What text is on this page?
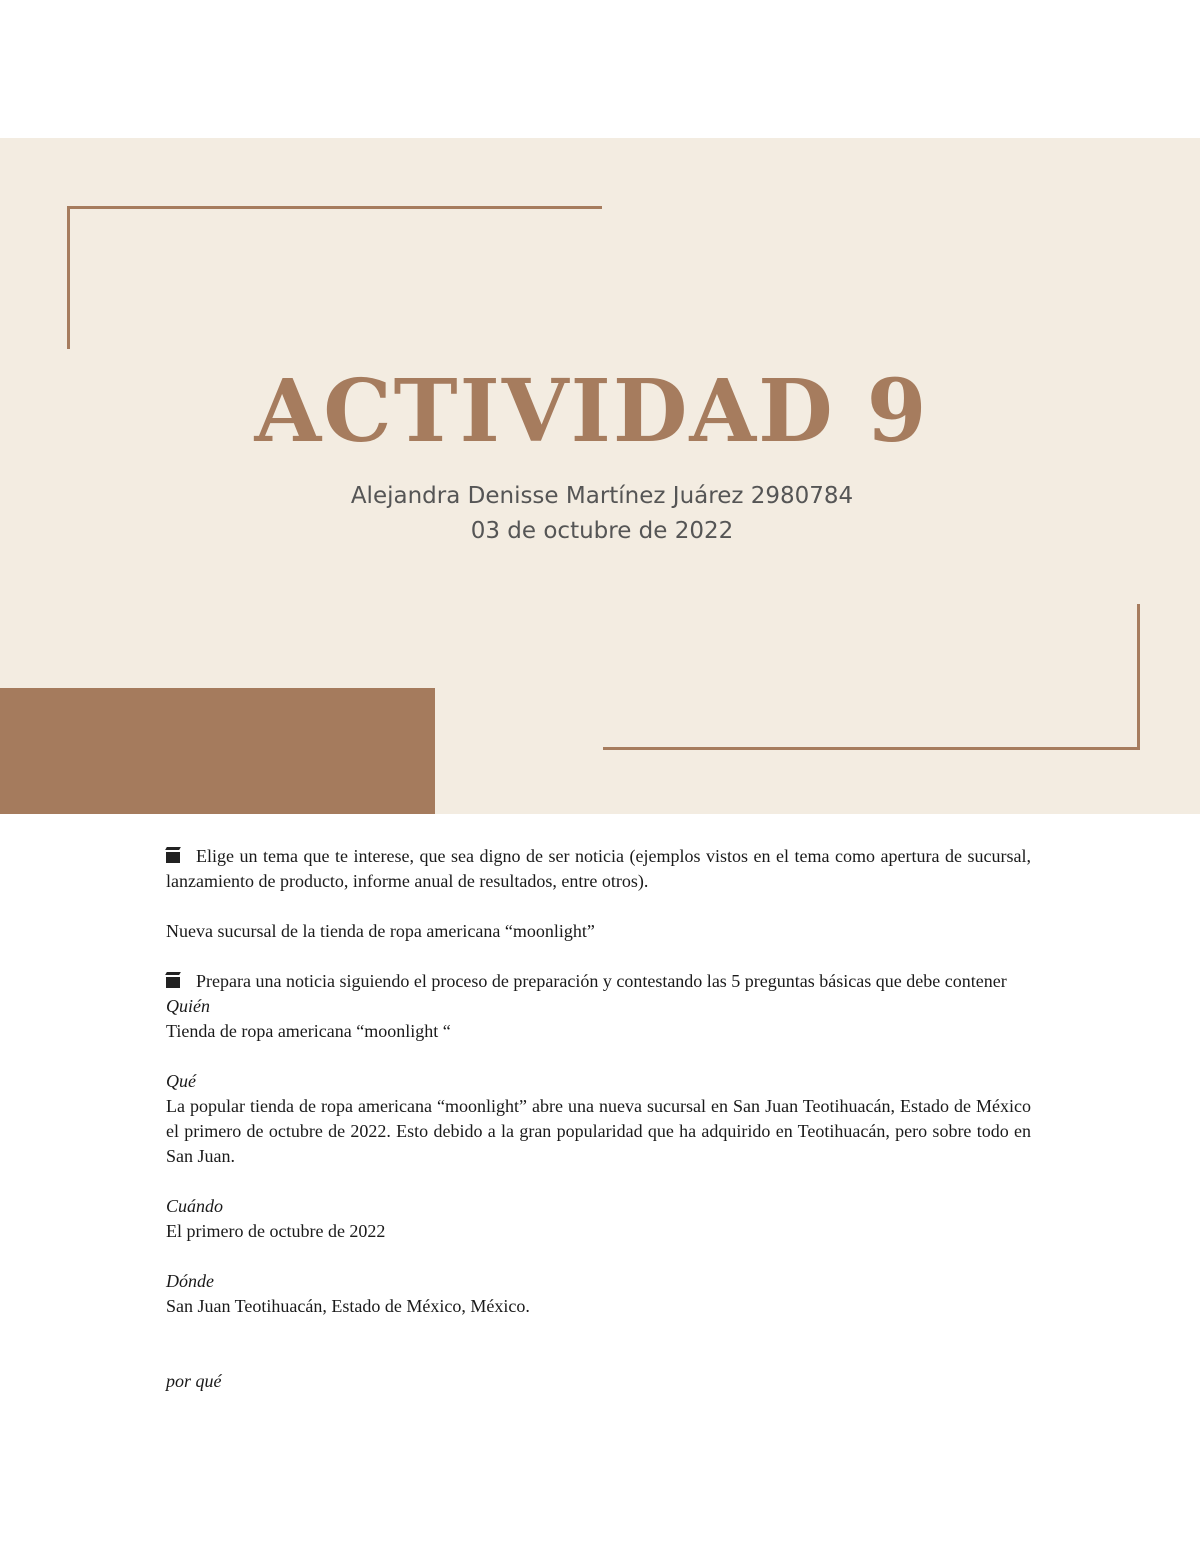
ACTIVIDAD 9
Alejandra Denisse Martínez Juárez 2980784
03 de octubre de 2022

Elige un tema que te interese, que sea digno de ser noticia (ejemplos vistos en el tema como apertura de sucursal, lanzamiento de producto, informe anual de resultados, entre otros).

Nueva sucursal de la tienda de ropa americana “moonlight”

Prepara una noticia siguiendo el proceso de preparación y contestando las 5 preguntas básicas que debe contener

Quién

Tienda de ropa americana “moonlight “

Qué

La popular tienda de ropa americana “moonlight” abre una nueva sucursal en San Juan Teotihuacán, Estado de México el primero de octubre de 2022. Esto debido a la gran popularidad que ha adquirido en Teotihuacán, pero sobre todo en San Juan.

Cuándo

El primero de octubre de 2022

Dónde

San Juan Teotihuacán, Estado de México, México.

por qué
